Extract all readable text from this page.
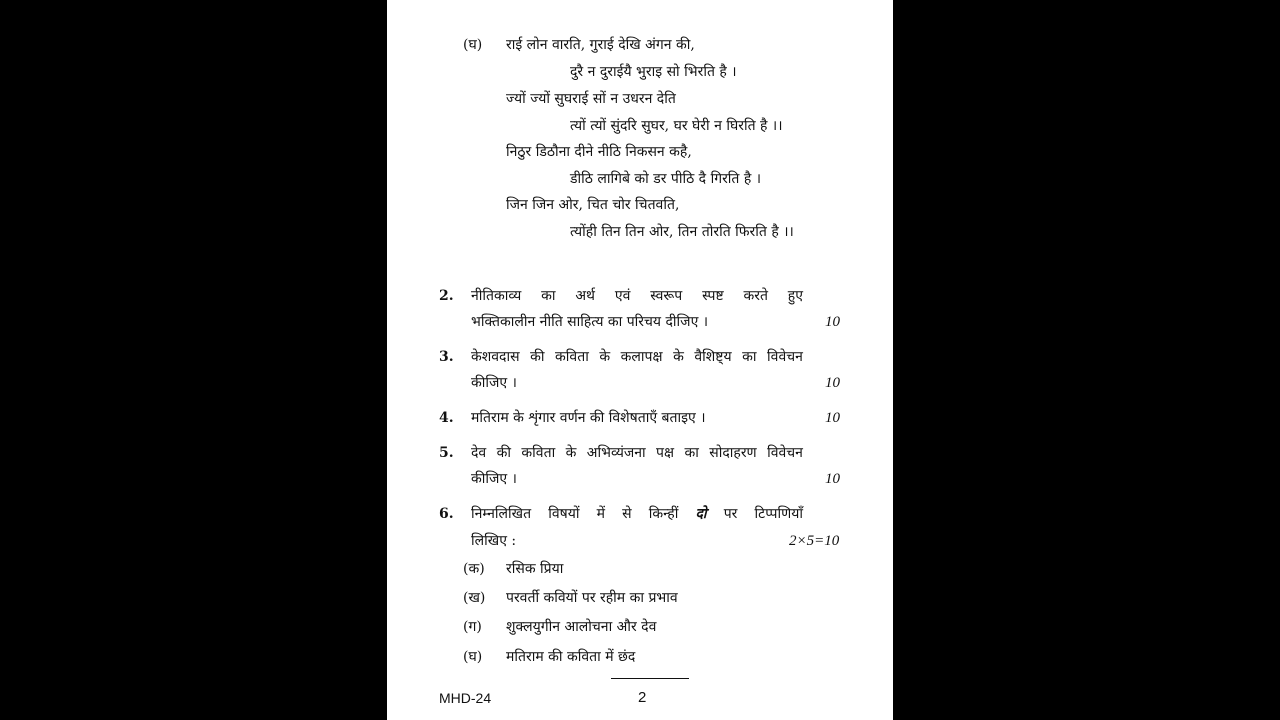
(घ) राई लोन वारति, गुराई देखि अंगन की,
दुरै न दुराईयै भुराइ सो भिरति है ।
ज्यों ज्यों सुघराई सों न उधरन देति
त्यों त्यों सुंदरि सुघर, घर घेरी न घिरति है ।।
निठुर डिठौना दीने नीठि निकसन कहै,
डीठि लागिबे को डर पीठि दै गिरति है ।
जिन जिन ओर, चित चोर चितवति,
त्योंही तिन तिन ओर, तिन तोरति फिरति है ।।
2. नीतिकाव्य का अर्थ एवं स्वरूप स्पष्ट करते हुए
भक्तिकालीन नीति साहित्य का परिचय दीजिए ।	10
3. केशवदास की कविता के कलापक्ष के वैशिष्ट्य का विवेचन
कीजिए ।	10
4. मतिराम के शृंगार वर्णन की विशेषताएँ बताइए ।	10
5. देव की कविता के अभिव्यंजना पक्ष का सोदाहरण विवेचन
कीजिए ।	10
6. निम्नलिखित विषयों में से किन्हीं दो पर टिप्पणियाँ
लिखिए :	2×5=10
(क) रसिक प्रिया
(ख) परवर्ती कवियों पर रहीम का प्रभाव
(ग) शुक्लयुगीन आलोचना और देव
(घ) मतिराम की कविता में छंद
MHD-24	2
